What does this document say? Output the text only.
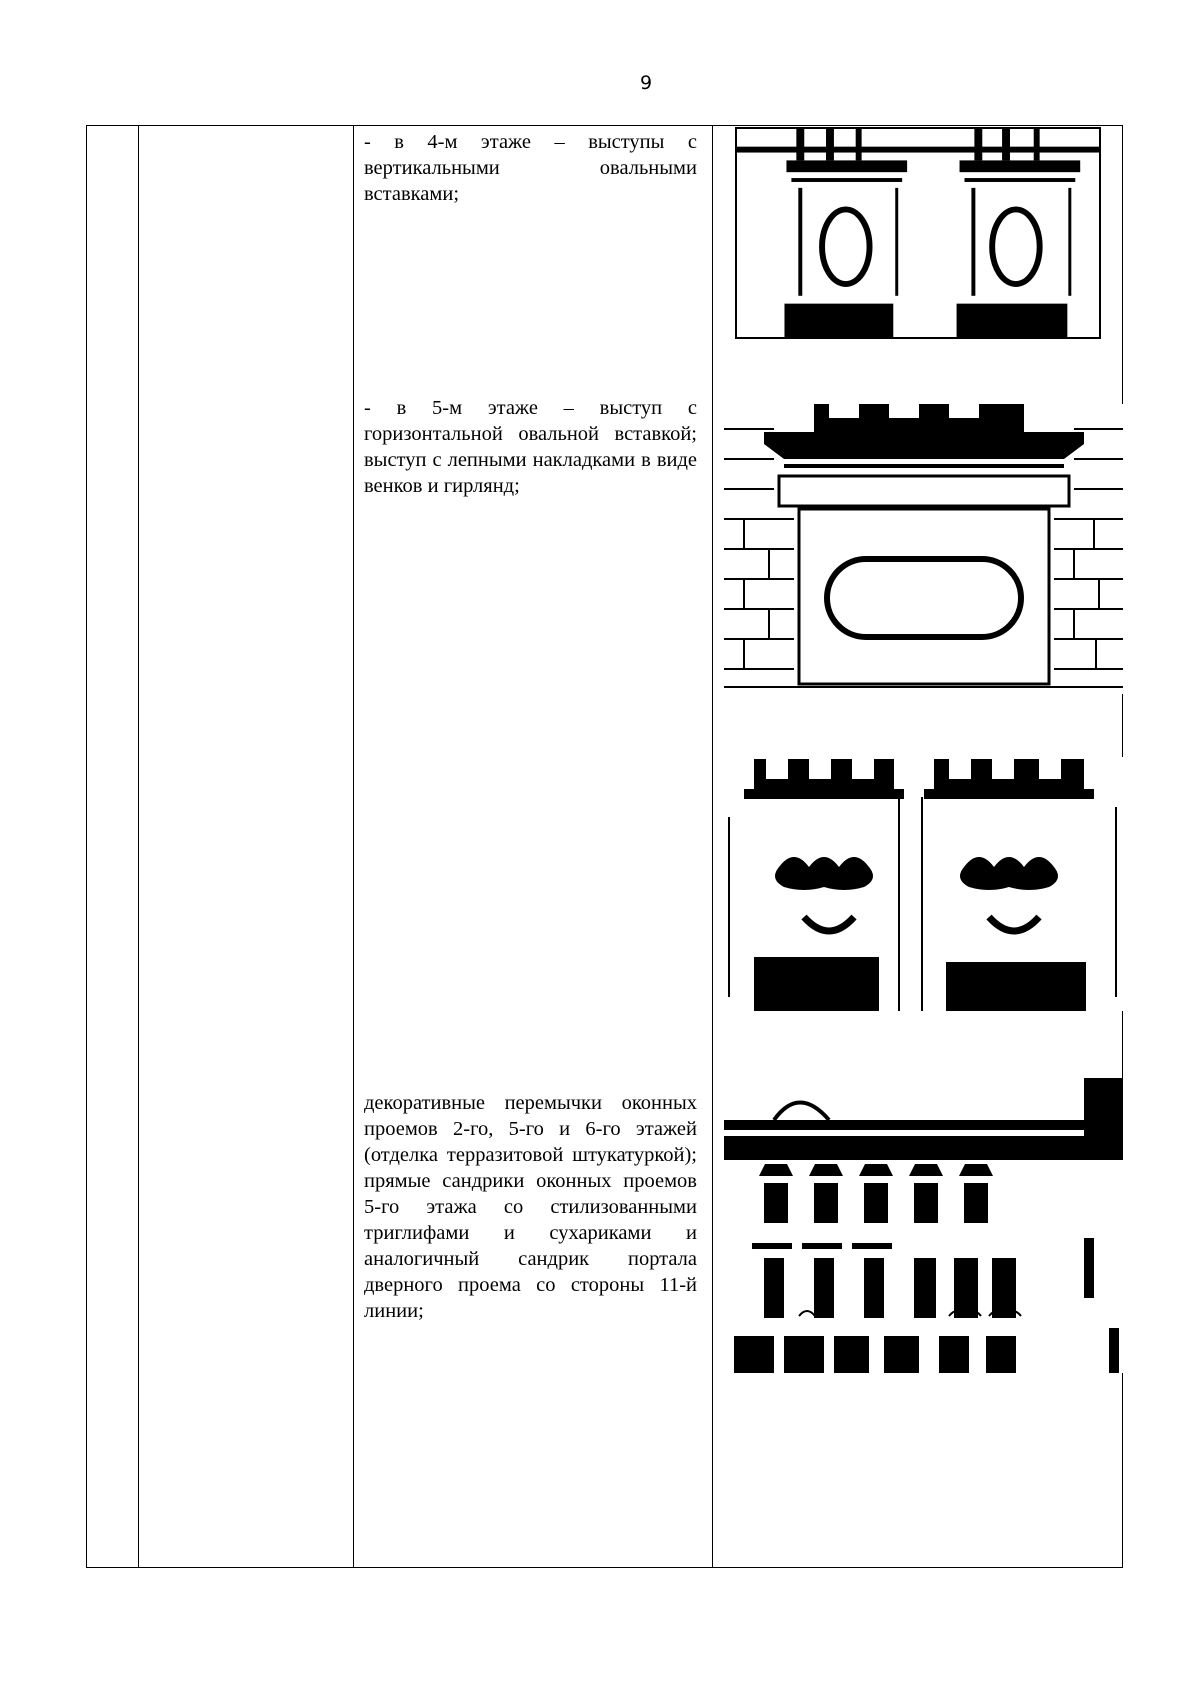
9
- в 4-м этаже – выступы с вертикальными овальными вставками;
- в 5-м этаже – выступ с горизонтальной овальной вставкой; выступ с лепными накладками в виде венков и гирлянд;
декоративные перемычки оконных проемов 2-го, 5-го и 6-го этажей (отделка терразитовой штукатуркой); прямые сандрики оконных проемов 5-го этажа со стилизованными триглифами и сухариками и аналогичный сандрик портала дверного проема со стороны 11-й линии;
